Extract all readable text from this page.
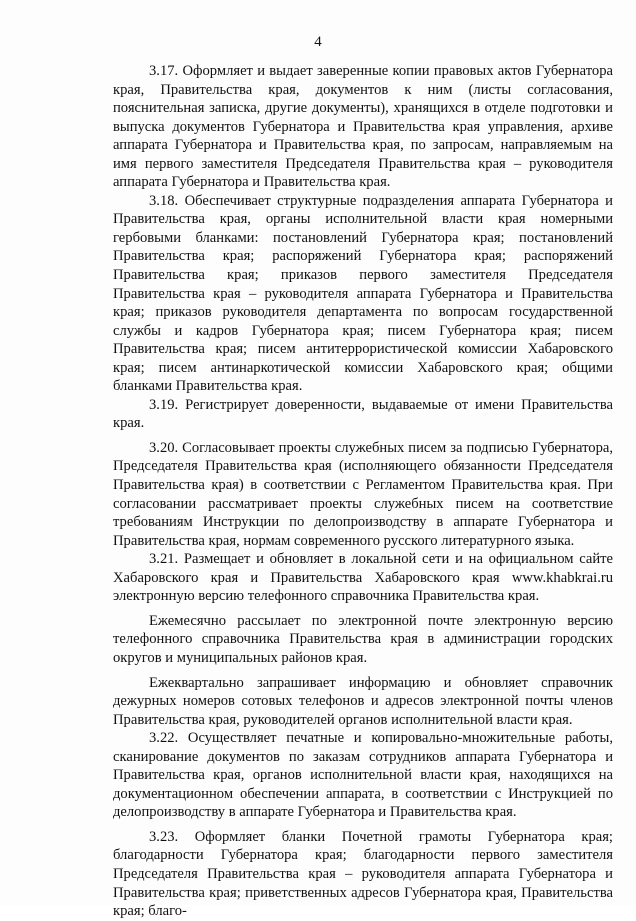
4

3.17. Оформляет и выдает заверенные копии правовых актов Губернатора края, Правительства края, документов к ним (листы согласования, пояснительная записка, другие документы), хранящихся в отделе подготовки и выпуска документов Губернатора и Правительства края управления, архиве аппарата Губернатора и Правительства края, по запросам, направляемым на имя первого заместителя Председателя Правительства края – руководителя аппарата Губернатора и Правительства края.

3.18. Обеспечивает структурные подразделения аппарата Губернатора и Правительства края, органы исполнительной власти края номерными гербовыми бланками: постановлений Губернатора края; постановлений Правительства края; распоряжений Губернатора края; распоряжений Правительства края; приказов первого заместителя Председателя Правительства края – руководителя аппарата Губернатора и Правительства края; приказов руководителя департамента по вопросам государственной службы и кадров Губернатора края; писем Губернатора края; писем Правительства края; писем антитеррористической комиссии Хабаровского края; писем антинаркотической комиссии Хабаровского края; общими бланками Правительства края.

3.19. Регистрирует доверенности, выдаваемые от имени Правительства края.

3.20. Согласовывает проекты служебных писем за подписью Губернатора, Председателя Правительства края (исполняющего обязанности Председателя Правительства края) в соответствии с Регламентом Правительства края. При согласовании рассматривает проекты служебных писем на соответствие требованиям Инструкции по делопроизводству в аппарате Губернатора и Правительства края, нормам современного русского литературного языка.

3.21. Размещает и обновляет в локальной сети и на официальном сайте Хабаровского края и Правительства Хабаровского края www.khabkrai.ru электронную версию телефонного справочника Правительства края.

Ежемесячно рассылает по электронной почте электронную версию телефонного справочника Правительства края в администрации городских округов и муниципальных районов края.

Ежеквартально запрашивает информацию и обновляет справочник дежурных номеров сотовых телефонов и адресов электронной почты членов Правительства края, руководителей органов исполнительной власти края.

3.22. Осуществляет печатные и копировально-множительные работы, сканирование документов по заказам сотрудников аппарата Губернатора и Правительства края, органов исполнительной власти края, находящихся на документационном обеспечении аппарата, в соответствии с Инструкцией по делопроизводству в аппарате Губернатора и Правительства края.

3.23. Оформляет бланки Почетной грамоты Губернатора края; благодарности Губернатора края; благодарности первого заместителя Председателя Правительства края – руководителя аппарата Губернатора и Правительства края; приветственных адресов Губернатора края, Правительства края; благо-
